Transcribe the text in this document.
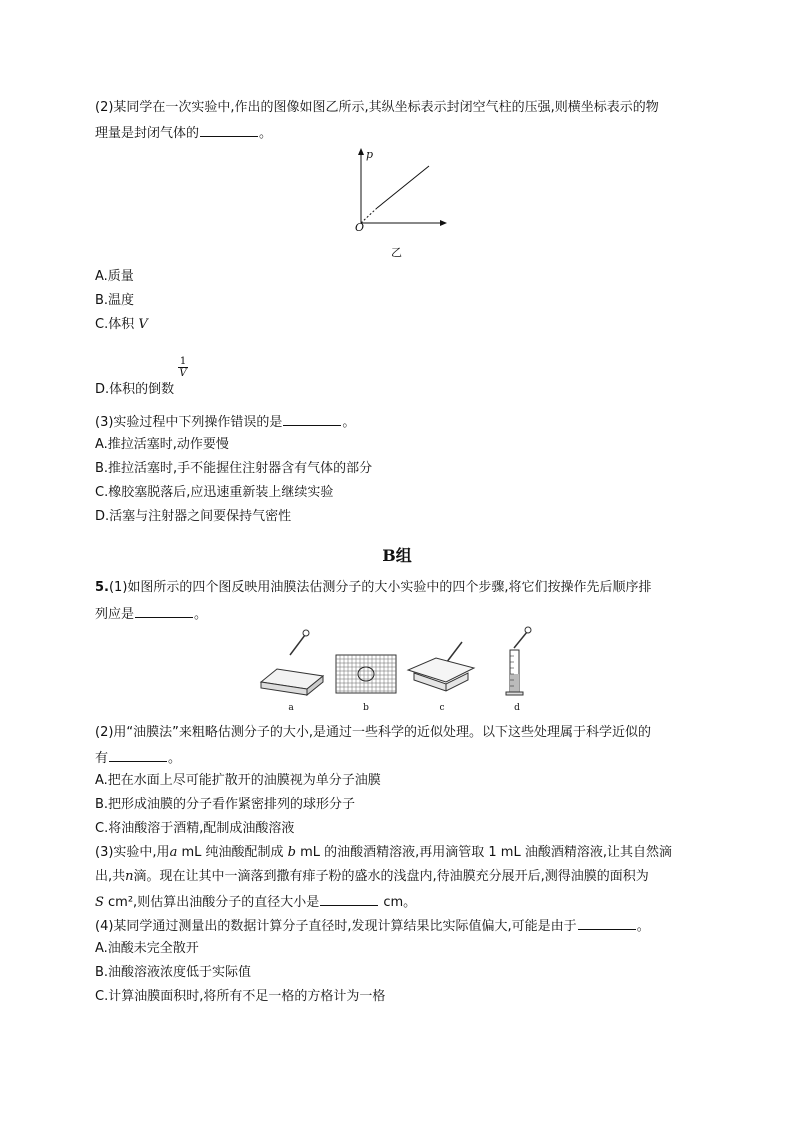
(2)某同学在一次实验中,作出的图像如图乙所示,其纵坐标表示封闭空气柱的压强,则横坐标表示的物
理量是封闭气体的	。
p
O
乙
A.质量
B.温度
C.体积 V
D.体积的倒数
1
V
(3)实验过程中下列操作错误的是	。
A.推拉活塞时,动作要慢
B.推拉活塞时,手不能握住注射器含有气体的部分
C.橡胶塞脱落后,应迅速重新装上继续实验
D.活塞与注射器之间要保持气密性
B组
5.(1)如图所示的四个图反映用油膜法估测分子的大小实验中的四个步骤,将它们按操作先后顺序排
列应是	。
a	b	c	d
(2)用“油膜法”来粗略估测分子的大小,是通过一些科学的近似处理。以下这些处理属于科学近似的
有	。
A.把在水面上尽可能扩散开的油膜视为单分子油膜
B.把形成油膜的分子看作紧密排列的球形分子
C.将油酸溶于酒精,配制成油酸溶液
(3)实验中,用a mL 纯油酸配制成 b mL 的油酸酒精溶液,再用滴管取 1 mL 油酸酒精溶液,让其自然滴
出,共n滴。现在让其中一滴落到撒有痱子粉的盛水的浅盘内,待油膜充分展开后,测得油膜的面积为
S cm²,则估算出油酸分子的直径大小是	cm。
(4)某同学通过测量出的数据计算分子直径时,发现计算结果比实际值偏大,可能是由于	。
A.油酸未完全散开
B.油酸溶液浓度低于实际值
C.计算油膜面积时,将所有不足一格的方格计为一格
